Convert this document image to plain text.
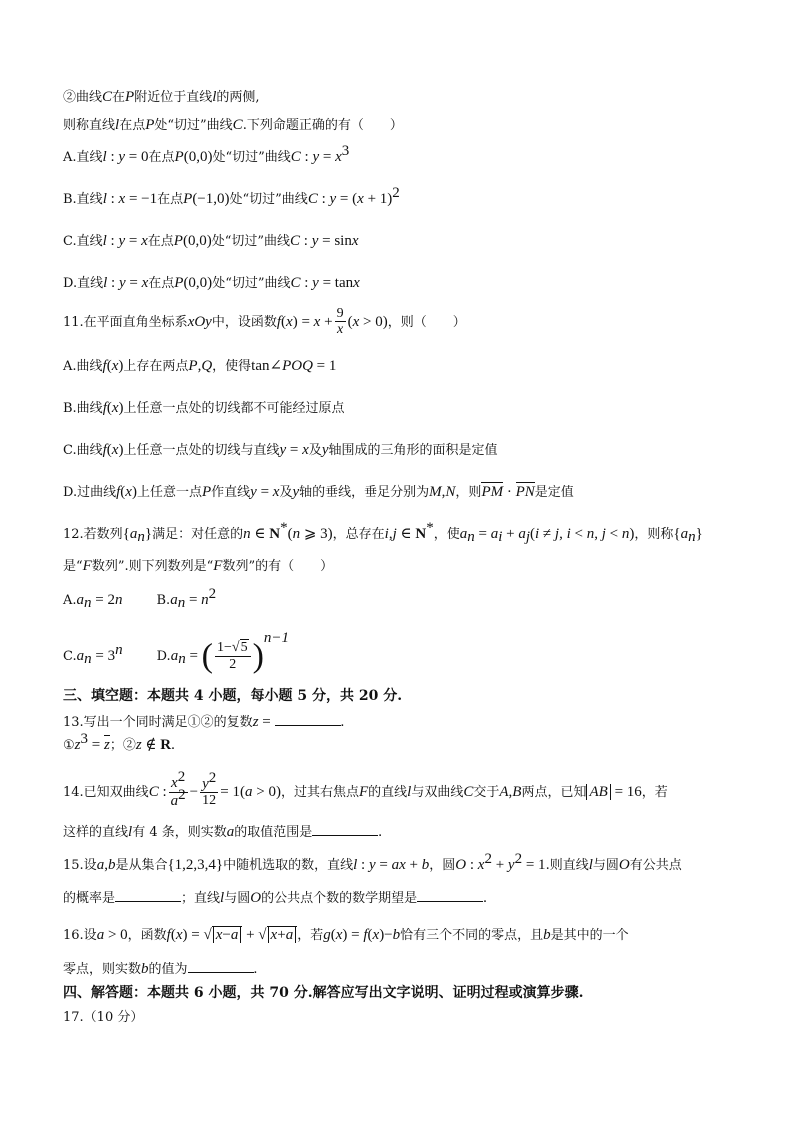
②曲线C在P附近位于直线l的两侧,
则称直线l在点P处“切过”曲线C.下列命题正确的有（　　）
A.直线l : y = 0在点P(0,0)处“切过”曲线C : $y = x^3$
B.直线l : x = −1在点P(−1,0)处“切过”曲线C : $y = (x + 1)^2$
C.直线l : y = x在点P(0,0)处“切过”曲线C : y = sinx
D.直线l : y = x在点P(0,0)处“切过”曲线C : y = tanx
11.在平面直角坐标系xOy中，设函数$f(x) = x + \frac{9}{x} (x > 0)$，则（　　）
A.曲线f(x)上存在两点P,Q，使得tan∠POQ = 1
B.曲线f(x)上任意一点处的切线都不可能经过原点
C.曲线f(x)上任意一点处的切线与直线y = x及y轴围成的三角形的面积是定值
D.过曲线f(x)上任意一点P作直线y = x及y轴的垂线，垂足分别为M,N，则PM · PN是定值
12.若数列$\{a_n\}$满足：对任意的n ∈ N*(n ⩾ 3)，总存在i,j ∈ N*，使$a_n = a_i + a_j(i \ne j$, i < n, j < n)，则称$\{a_n\}$
是“F数列”.则下列数列是“F数列”的有（　　）
$A.a_n = 2n$	$B.a_n = n^2$
$C.a_n = 3^n$	$D.a_n$ = ( $\frac{1-√5}{2} )^{n-1}$
三、填空题：本题共 4 小题，每小题 5 分，共 20 分.
13.写出一个同时满足①②的复数z =	.
$①z^3 = z$；②z ∉ R.
14.已知双曲线C : $\frac{x^2}{a^2} - \frac{y^2}{12} = 1(a > 0)$，过其右焦点F的直线l与双曲线C交于A,B两点，已知 AB = 16，若
这样的直线l有 4 条，则实数a的取值范围是	.
15.设a,b是从集合{1,2,3,4}中随机选取的数，直线l : y = ax + b，圆O : $x^2 + y^2 = 1$.则直线l与圆O有公共点
的概率是	；直线l与圆O的公共点个数的数学期望是	.
16.设a > 0，函数f(x) = √ x−a + √ x+a ，若g(x) = f(x)−b恰有三个不同的零点，且b是其中的一个
零点，则实数b的值为	.
四、解答题：本题共 6 小题，共 70 分.解答应写出文字说明、证明过程或演算步骤.
17.（10 分）
